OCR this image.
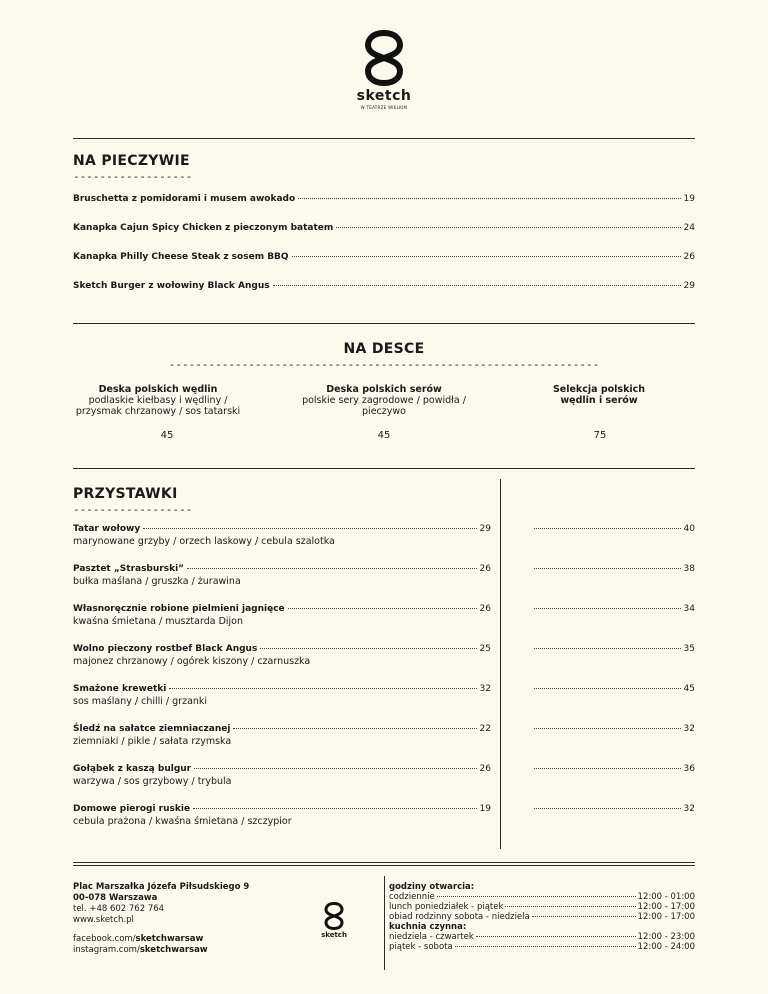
sketch
W TEATRZE WIELKIM
NA PIECZYWIE
------------------
Bruschetta z pomidorami i musem awokado	19
Kanapka Cajun Spicy Chicken z pieczonym batatem	24
Kanapka Philly Cheese Steak z sosem BBQ	26
Sketch Burger z wołowiny Black Angus	29
NA DESCE
-----------------------------------------------------------------
Deska polskich wędlin
podlaskie kiełbasy i wędliny / przysmak chrzanowy / sos tatarski
Deska polskich serów
polskie sery zagrodowe / powidła / pieczywo
Selekcja polskich wędlin i serów
45	45	75
PRZYSTAWKI
------------------
Tatar wołowy	29
marynowane grzyby / orzech laskowy / cebula szalotka
40
Pasztet „Strasburski”	26
bułka maślana / gruszka / żurawina
38
Własnoręcznie robione pielmieni jagnięce	26
kwaśna śmietana / musztarda Dijon
34
Wolno pieczony rostbef Black Angus	25
majonez chrzanowy / ogórek kiszony / czarnuszka
35
Smażone krewetki	32
sos maślany / chilli / grzanki
45
Śledź na sałatce ziemniaczanej	22
ziemniaki / pikle / sałata rzymska
32
Gołąbek z kaszą bulgur	26
warzywa / sos grzybowy / trybula
36
Domowe pierogi ruskie	19
cebula prażona / kwaśna śmietana / szczypior
32
Plac Marszałka Józefa Piłsudskiego 9
00-078 Warszawa
tel. +48 602 762 764
www.sketch.pl
facebook.com/sketchwarsaw
instagram.com/sketchwarsaw
sketch
godziny otwarcia:
codziennie	12:00 - 01:00
lunch poniedziałek - piątek	12:00 - 17:00
obiad rodzinny sobota - niedziela	12:00 - 17:00
kuchnia czynna:
niedziela - czwartek	12:00 - 23:00
piątek - sobota	12:00 - 24:00
